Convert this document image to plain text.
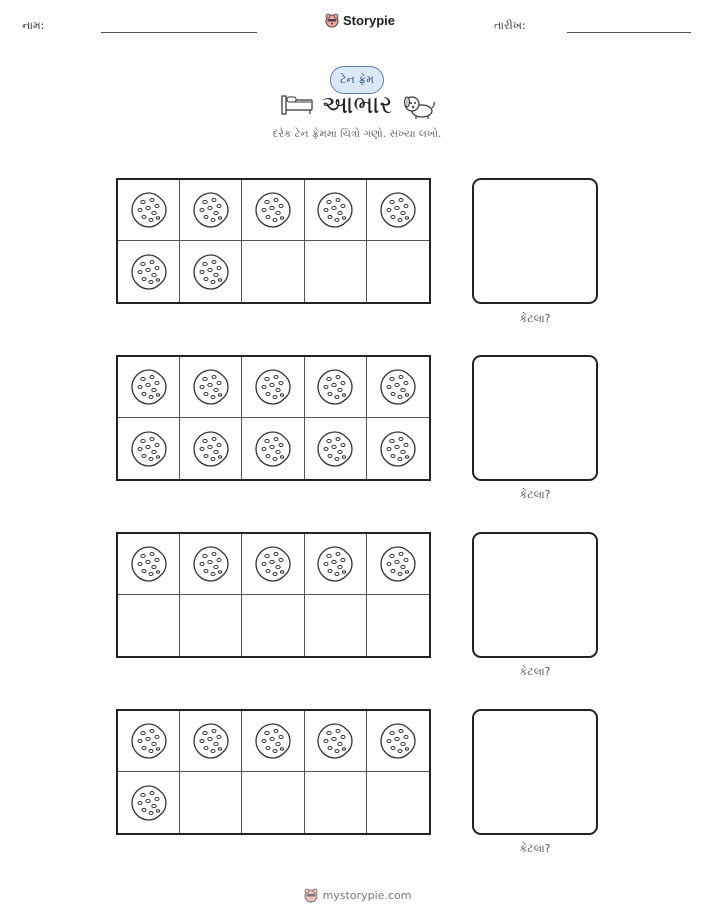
નામ:	Storypie	તારીખ:
ટેન ફ્રેમ
આભાર
દરેક ટેન ફ્રેમમાં ચિત્રો ગણો. સંખ્યા લખો.
કેટલા?
કેટલા?
કેટલા?
કેટલા?
mystorypie.com
